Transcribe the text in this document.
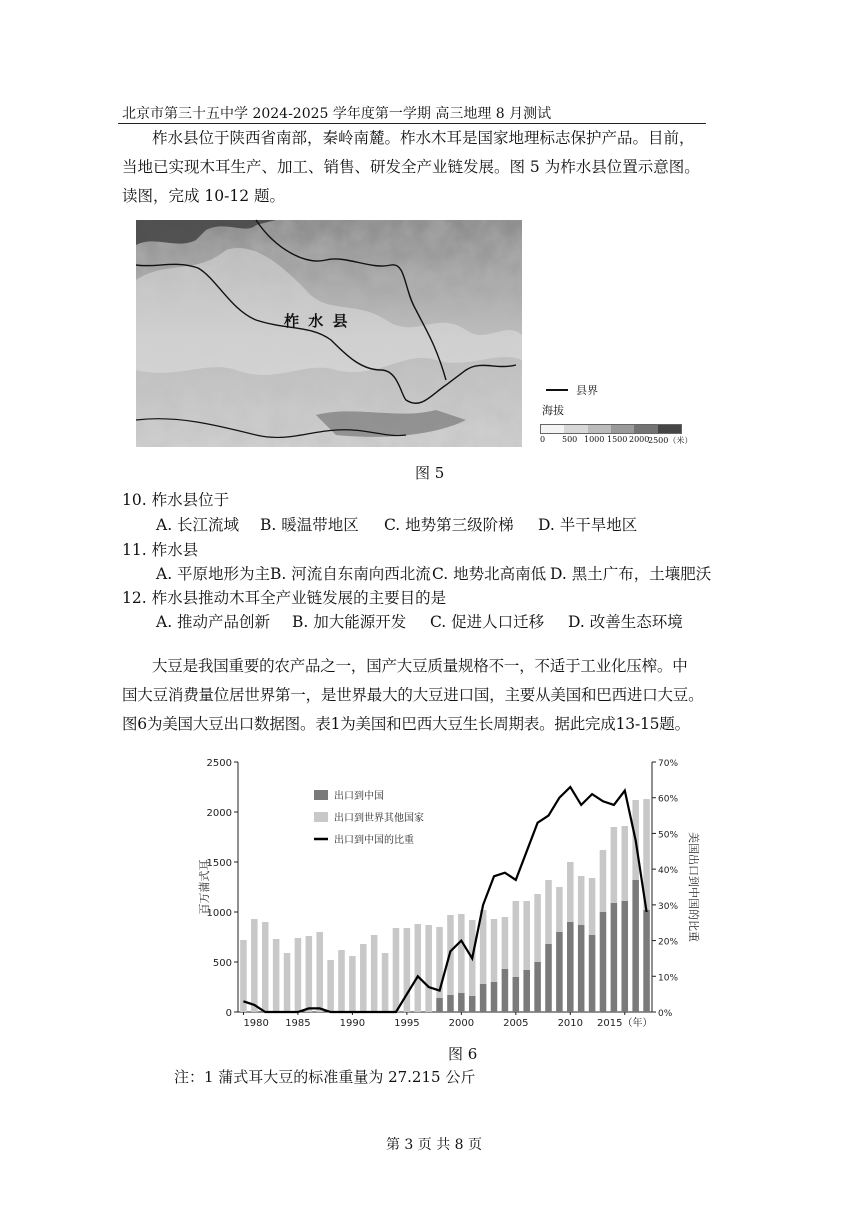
北京市第三十五中学 2024-2025 学年度第一学期 高三地理 8 月测试
柞水县位于陕西省南部，秦岭南麓。柞水木耳是国家地理标志保护产品。目前，
当地已实现木耳生产、加工、销售、研发全产业链发展。图 5 为柞水县位置示意图。
读图，完成 10-12 题。
柞 水 县
县界
海拔
0 500 1000 1500 2000
2500（米）
图 5
10. 柞水县位于
A. 长江流域 B. 暖温带地区 C. 地势第三级阶梯 D. 半干旱地区
11. 柞水县
A. 平原地形为主B. 河流自东南向西北流C. 地势北高南低 D. 黑土广布，土壤肥沃
12. 柞水县推动木耳全产业链发展的主要目的是
A. 推动产品创新 B. 加大能源开发 C. 促进人口迁移 D. 改善生态环境
大豆是我国重要的农产品之一，国产大豆质量规格不一，不适于工业化压榨。中
国大豆消费量位居世界第一，是世界最大的大豆进口国，主要从美国和巴西进口大豆。
图6为美国大豆出口数据图。表1为美国和巴西大豆生长周期表。据此完成13-15题。
0
500
1000
1500
2000
2500
0%
10%
20%
30%
40%
50%
60%
70%
1980 1985	1990	1995	2000	2005	2010 2015（年）
百万蒲式耳	美国出口到中国的比重
出口到中国
出口到世界其他国家
出口到中国的比重
图 6
注：1 蒲式耳大豆的标准重量为 27.215 公斤
第 3 页 共 8 页
